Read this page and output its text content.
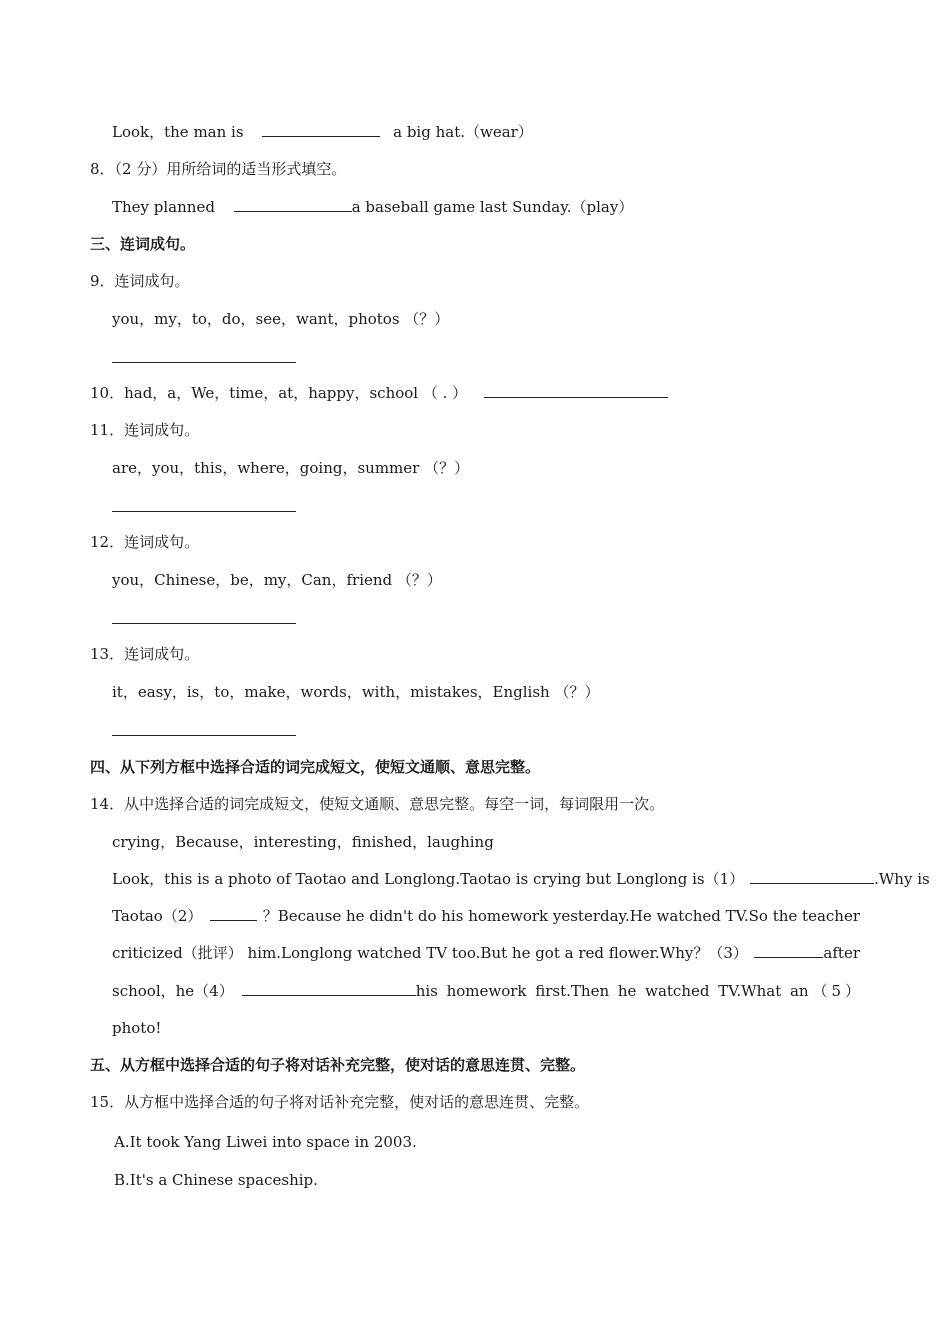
Look，the man is	a big hat.（wear）
8．（2 分）用所给词的适当形式填空。
They planned	a baseball game last Sunday.（play）
三、连词成句。
9．连词成句。
you，my，to，do，see，want，photos （？）
10．had，a，We，time，at，happy，school （ . ）
11．连词成句。
are，you，this，where，going，summer （？）
12．连词成句。
you，Chinese，be，my，Can，friend （？）
13．连词成句。
it，easy，is，to，make，words，with，mistakes，English （？）
四、从下列方框中选择合适的词完成短文，使短文通顺、意思完整。
14．从中选择合适的词完成短文，使短文通顺、意思完整。每空一词，每词限用一次。
crying，Because，interesting，finished，laughing
Look，this is a photo of Taotao and Longlong.Taotao is crying but Longlong is（1）	.Why is
Taotao（2）	？Because he didn't do his homework yesterday.He watched TV.So the teacher
criticized（批评） him.Longlong watched TV too.But he got a red flower.Why？（3）	after
school，he（4）	his homework first.Then he watched TV.What an（5）
photo!
五、从方框中选择合适的句子将对话补充完整，使对话的意思连贯、完整。
15．从方框中选择合适的句子将对话补充完整，使对话的意思连贯、完整。
A.It took Yang Liwei into space in 2003.
B.It's a Chinese spaceship.
